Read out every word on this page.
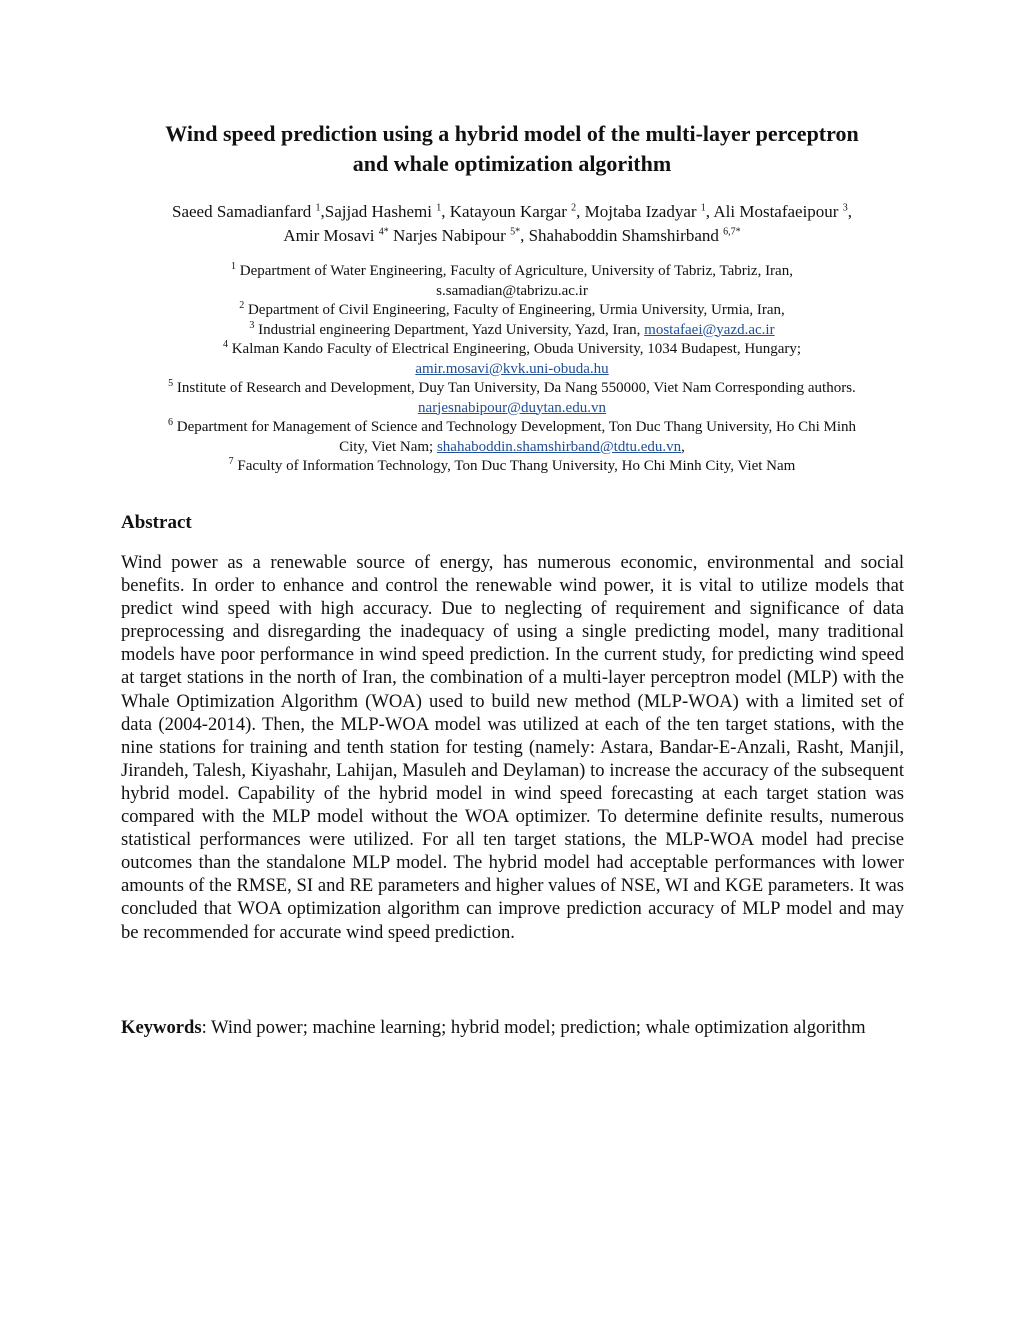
Wind speed prediction using a hybrid model of the multi-layer perceptron
and whale optimization algorithm
Saeed Samadianfard $^1$,Sajjad Hashemi $^1$, Katayoun Kargar $^2$, Mojtaba Izadyar $^1$, Ali Mostafaeipour $^3$,
Amir Mosavi $^{4*}$ Narjes Nabipour $^{5*}$, Shahaboddin Shamshirband $^{6,7*}$
$^1$ Department of Water Engineering, Faculty of Agriculture, University of Tabriz, Tabriz, Iran,
s.samadian@tabrizu.ac.ir
$^2$ Department of Civil Engineering, Faculty of Engineering, Urmia University, Urmia, Iran,
$^3$ Industrial engineering Department, Yazd University, Yazd, Iran, mostafaei@yazd.ac.ir
$^4$ Kalman Kando Faculty of Electrical Engineering, Obuda University, 1034 Budapest, Hungary;
amir.mosavi@kvk.uni-obuda.hu
$^5$ Institute of Research and Development, Duy Tan University, Da Nang 550000, Viet Nam Corresponding authors.
narjesnabipour@duytan.edu.vn
$^6$ Department for Management of Science and Technology Development, Ton Duc Thang University, Ho Chi Minh
City, Viet Nam; shahaboddin.shamshirband@tdtu.edu.vn,
$^7$ Faculty of Information Technology, Ton Duc Thang University, Ho Chi Minh City, Viet Nam
Abstract
Wind power as a renewable source of energy, has numerous economic, environmental and social benefits. In order to enhance and control the renewable wind power, it is vital to utilize models that predict wind speed with high accuracy. Due to neglecting of requirement and significance of data preprocessing and disregarding the inadequacy of using a single predicting model, many traditional models have poor performance in wind speed prediction. In the current study, for predicting wind speed at target stations in the north of Iran, the combination of a multi-layer perceptron model (MLP) with the Whale Optimization Algorithm (WOA) used to build new method (MLP-WOA) with a limited set of data (2004-2014). Then, the MLP-WOA model was utilized at each of the ten target stations, with the nine stations for training and tenth station for testing (namely: Astara, Bandar-E-Anzali, Rasht, Manjil, Jirandeh, Talesh, Kiyashahr, Lahijan, Masuleh and Deylaman) to increase the accuracy of the subsequent hybrid model. Capability of the hybrid model in wind speed forecasting at each target station was compared with the MLP model without the WOA optimizer. To determine definite results, numerous statistical performances were utilized. For all ten target stations, the MLP-WOA model had precise outcomes than the standalone MLP model. The hybrid model had acceptable performances with lower amounts of the RMSE, SI and RE parameters and higher values of NSE, WI and KGE parameters. It was concluded that WOA optimization algorithm can improve prediction accuracy of MLP model and may be recommended for accurate wind speed prediction.
Keywords: Wind power; machine learning; hybrid model; prediction; whale optimization algorithm
